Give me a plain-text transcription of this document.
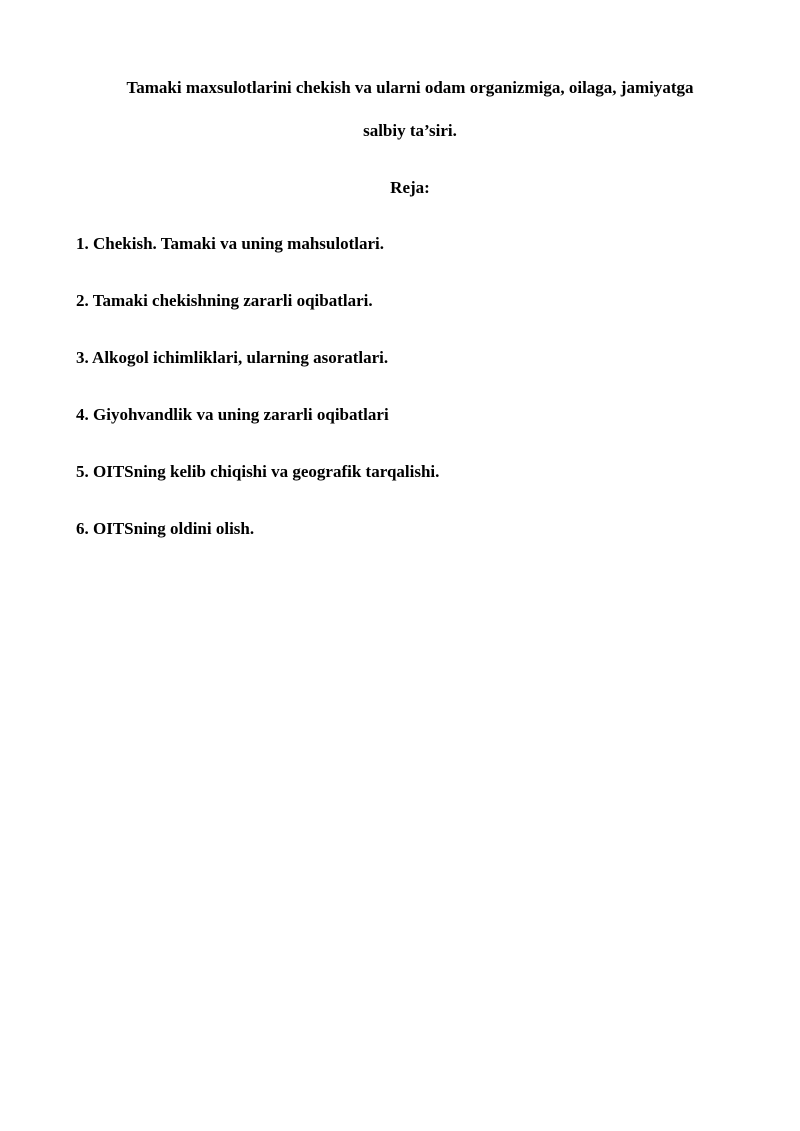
Tamaki maxsulotlarini chekish va ularni odam organizmiga, oilaga, jamiyatga
salbiy ta’siri.
Reja:
1. Chekish. Tamaki va uning mahsulotlari.
2. Tamaki chekishning zararli oqibatlari.
3. Alkogol ichimliklari, ularning asoratlari.
4. Giyohvandlik va uning zararli oqibatlari
5. OITSning kelib chiqishi va geografik tarqalishi.
6. OITSning oldini olish.
